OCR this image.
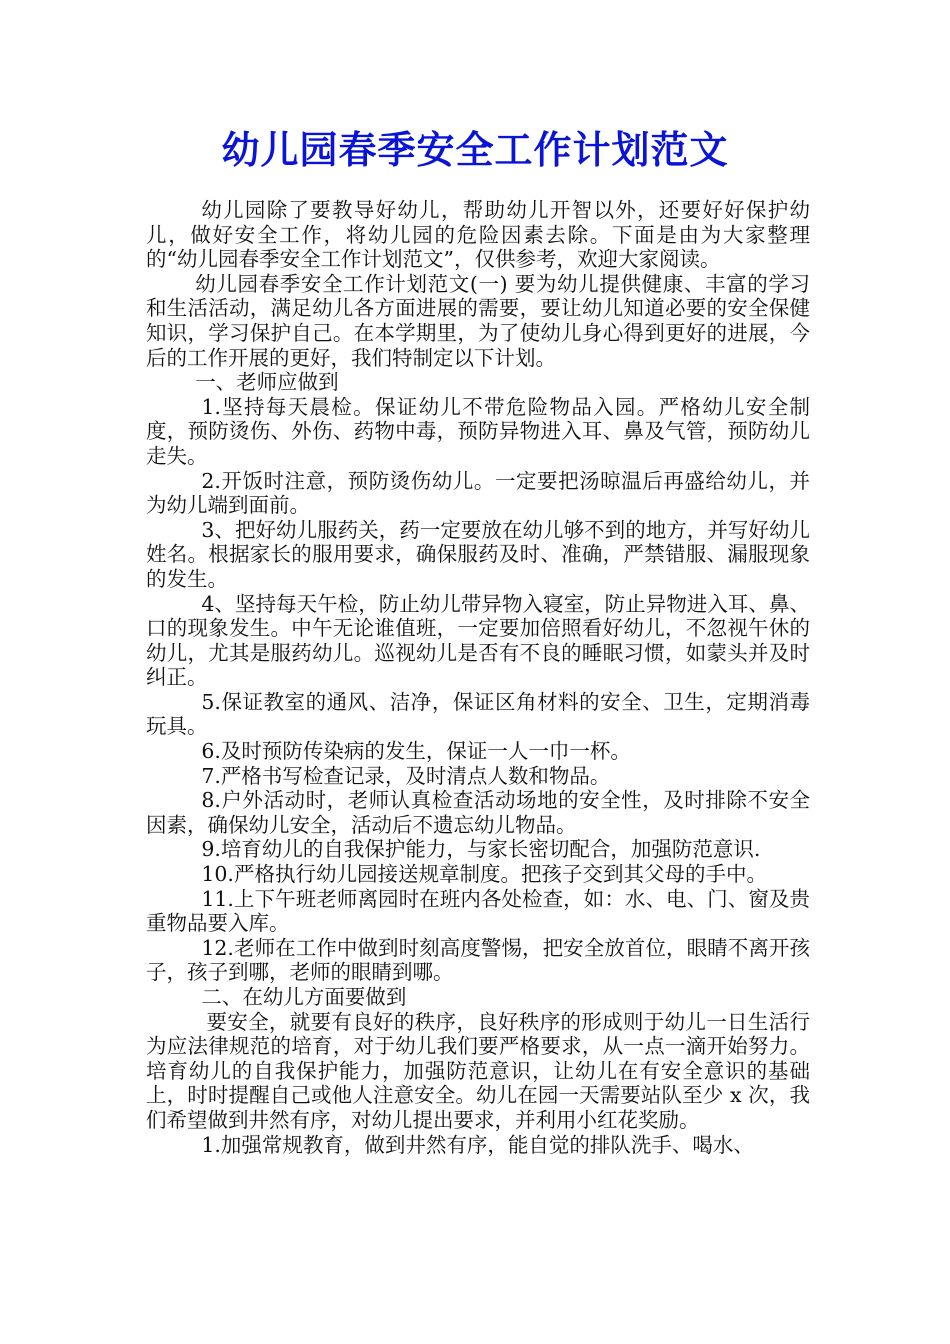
幼儿园春季安全工作计划范文

幼儿园除了要教导好幼儿，帮助幼儿开智以外，还要好好保护幼儿，做好安全工作，将幼儿园的危险因素去除。下面是由为大家整理的“幼儿园春季安全工作计划范文”，仅供参考，欢迎大家阅读。

幼儿园春季安全工作计划范文(一) 要为幼儿提供健康、丰富的学习和生活活动，满足幼儿各方面进展的需要，要让幼儿知道必要的安全保健知识，学习保护自己。在本学期里，为了使幼儿身心得到更好的进展，今后的工作开展的更好，我们特制定以下计划。

一、老师应做到

1.坚持每天晨检。保证幼儿不带危险物品入园。严格幼儿安全制度，预防烫伤、外伤、药物中毒，预防异物进入耳、鼻及气管，预防幼儿走失。

2.开饭时注意，预防烫伤幼儿。一定要把汤晾温后再盛给幼儿，并为幼儿端到面前。

3、把好幼儿服药关，药一定要放在幼儿够不到的地方，并写好幼儿姓名。根据家长的服用要求，确保服药及时、准确，严禁错服、漏服现象的发生。

4、坚持每天午检，防止幼儿带异物入寝室，防止异物进入耳、鼻、口的现象发生。中午无论谁值班，一定要加倍照看好幼儿，不忽视午休的幼儿，尤其是服药幼儿。巡视幼儿是否有不良的睡眠习惯，如蒙头并及时纠正。

5.保证教室的通风、洁净，保证区角材料的安全、卫生，定期消毒玩具。

6.及时预防传染病的发生，保证一人一巾一杯。

7.严格书写检查记录，及时清点人数和物品。

8.户外活动时，老师认真检查活动场地的安全性，及时排除不安全因素，确保幼儿安全，活动后不遗忘幼儿物品。

9.培育幼儿的自我保护能力，与家长密切配合，加强防范意识.

10.严格执行幼儿园接送规章制度。把孩子交到其父母的手中。

11.上下午班老师离园时在班内各处检查，如：水、电、门、窗及贵重物品要入库。

12.老师在工作中做到时刻高度警惕，把安全放首位，眼睛不离开孩子，孩子到哪，老师的眼睛到哪。

二、在幼儿方面要做到

要安全，就要有良好的秩序，良好秩序的形成则于幼儿一日生活行为应法律规范的培育，对于幼儿我们要严格要求，从一点一滴开始努力。培育幼儿的自我保护能力，加强防范意识，让幼儿在有安全意识的基础上，时时提醒自己或他人注意安全。幼儿在园一天需要站队至少 x 次，我们希望做到井然有序，对幼儿提出要求，并利用小红花奖励。

1.加强常规教育，做到井然有序，能自觉的排队洗手、喝水、
